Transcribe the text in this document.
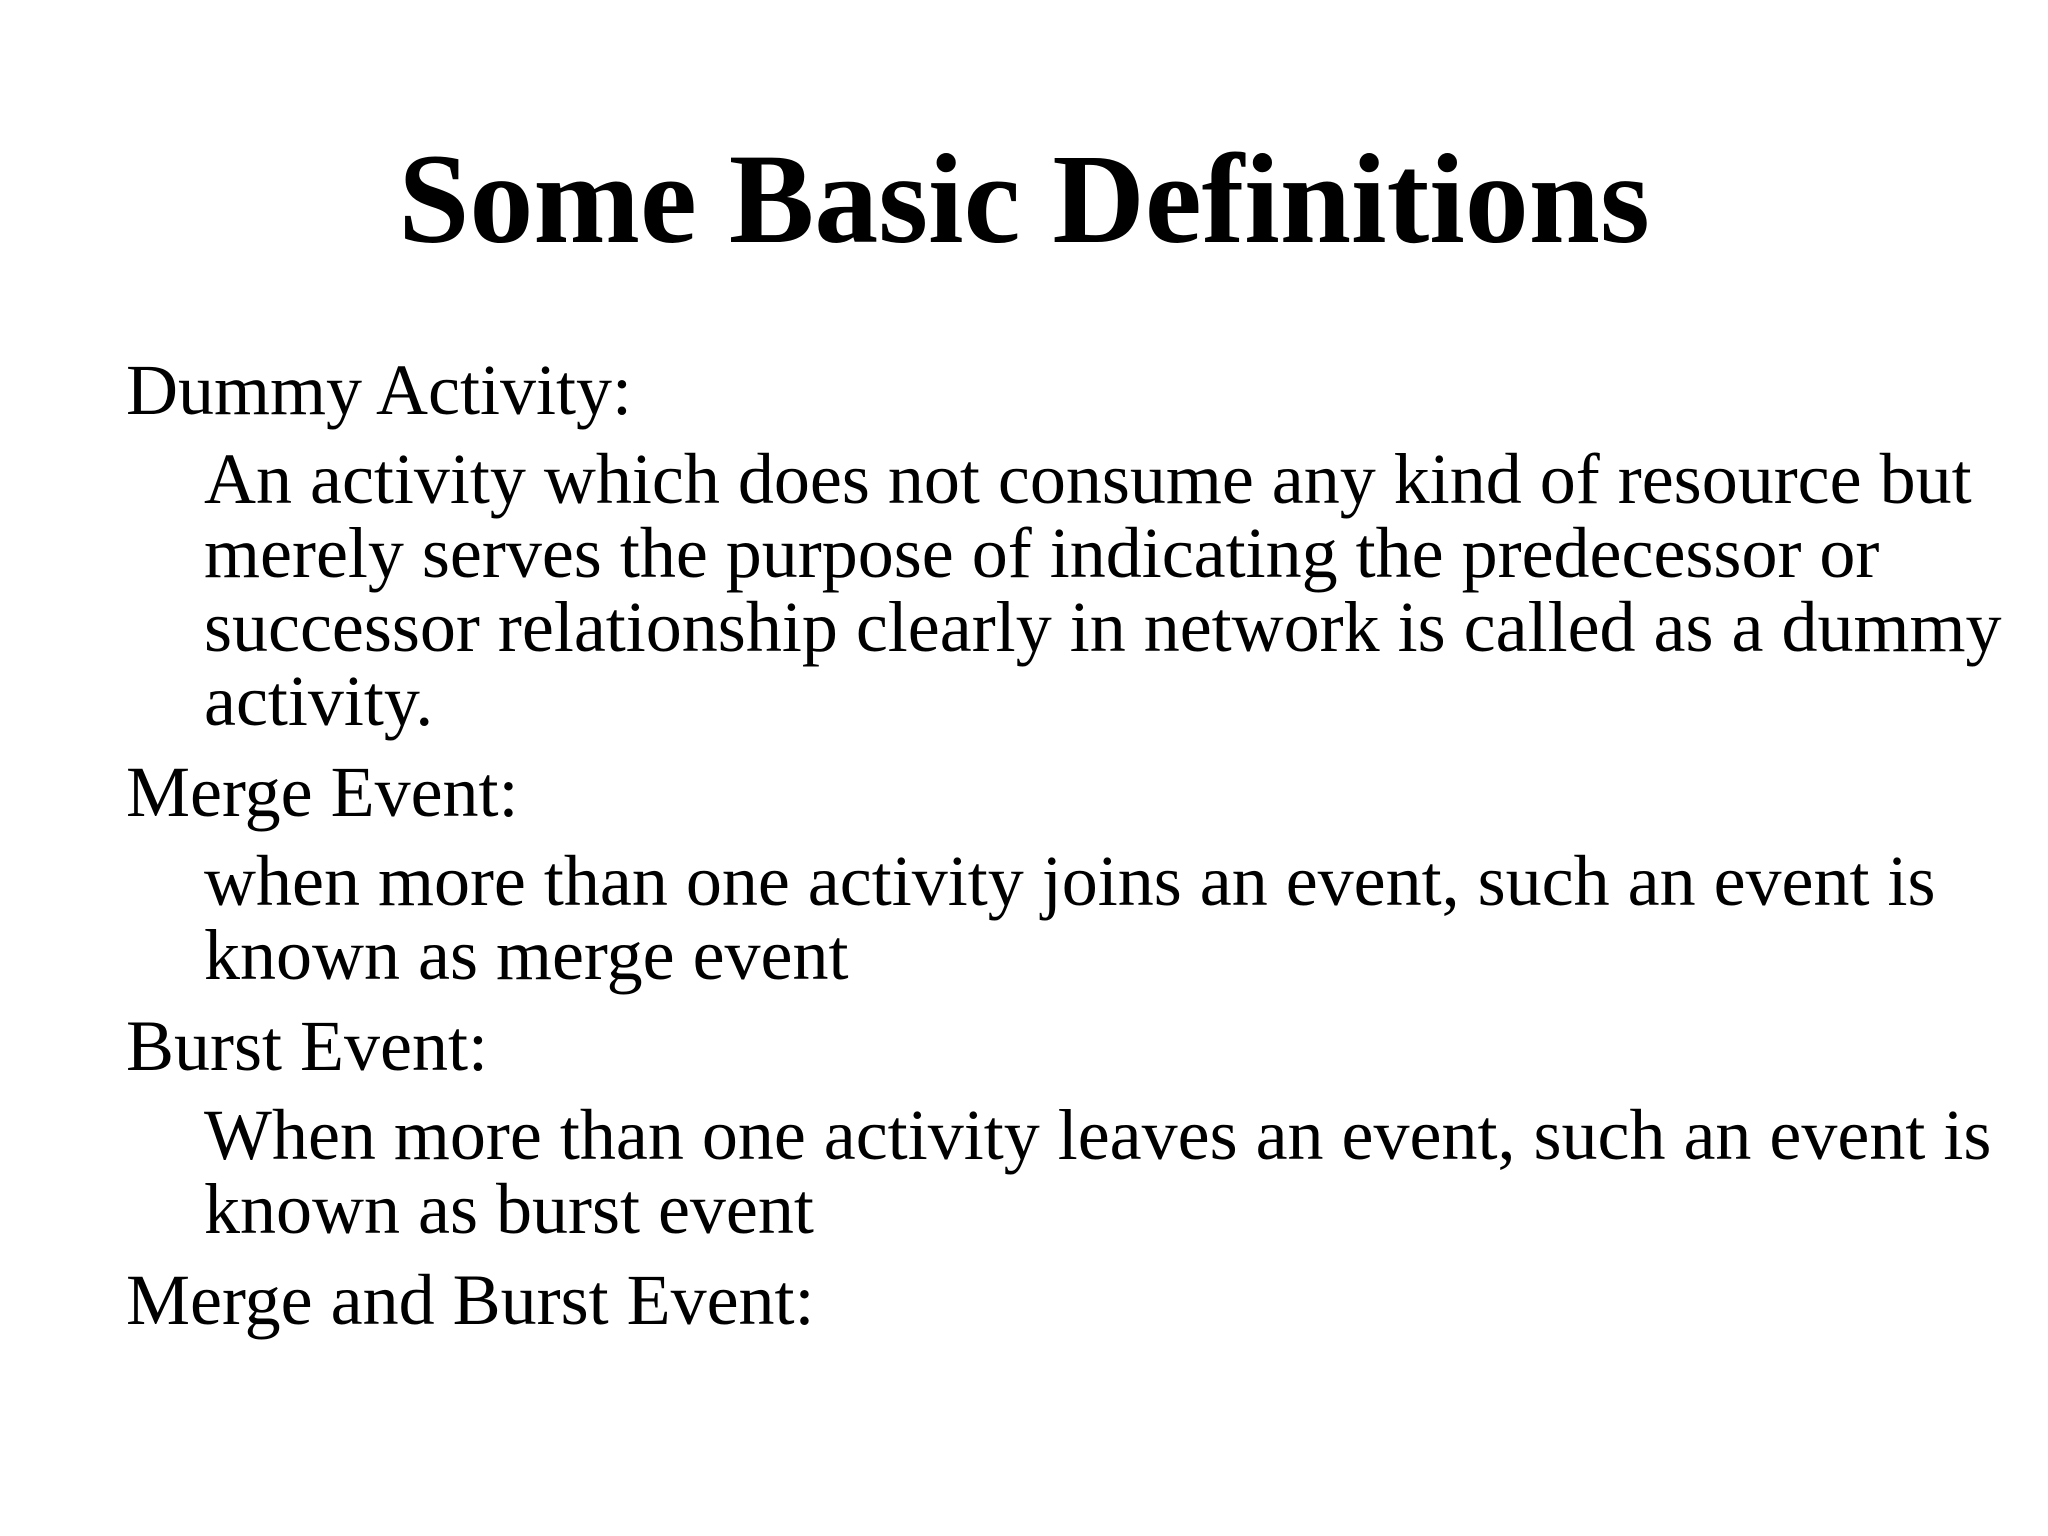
Some Basic Definitions

Dummy Activity:

An activity which does not consume any kind of resource but merely serves the purpose of indicating the predecessor or successor relationship clearly in network is called as a dummy activity.

Merge Event:

when more than one activity joins an event, such an event is known as merge event

Burst Event:

When more than one activity leaves an event, such an event is known as burst event

Merge and Burst Event:
